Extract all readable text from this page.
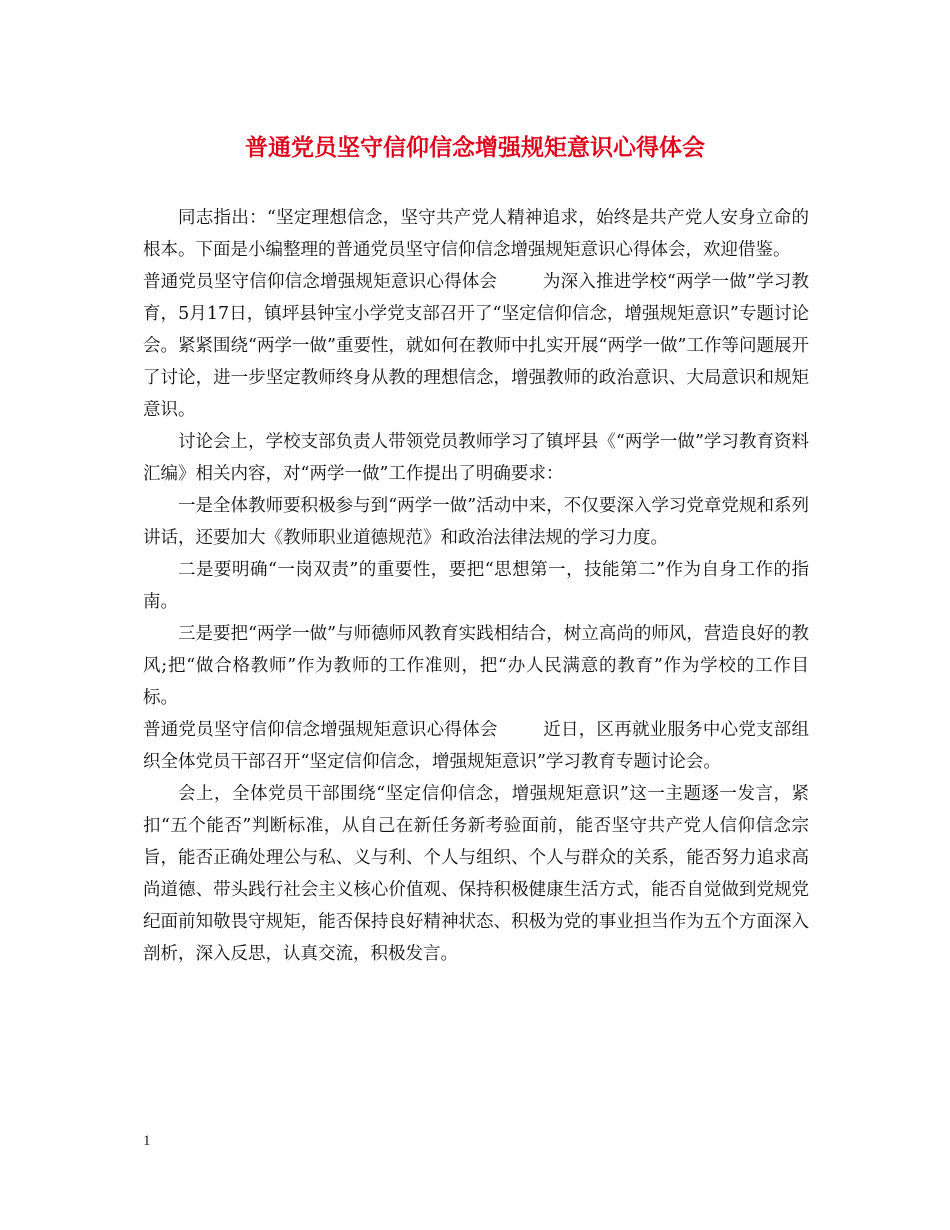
普通党员坚守信仰信念增强规矩意识心得体会

同志指出：“坚定理想信念，坚守共产党人精神追求，始终是共产党人安身立命的根本。下面是小编整理的普通党员坚守信仰信念增强规矩意识心得体会，欢迎借鉴。

普通党员坚守信仰信念增强规矩意识心得体会	为深入推进学校“两学一做”学习教育，5月17日，镇坪县钟宝小学党支部召开了“坚定信仰信念，增强规矩意识”专题讨论会。紧紧围绕“两学一做”重要性，就如何在教师中扎实开展“两学一做”工作等问题展开了讨论，进一步坚定教师终身从教的理想信念，增强教师的政治意识、大局意识和规矩意识。

讨论会上，学校支部负责人带领党员教师学习了镇坪县《“两学一做”学习教育资料汇编》相关内容，对“两学一做”工作提出了明确要求：

一是全体教师要积极参与到“两学一做”活动中来，不仅要深入学习党章党规和系列讲话，还要加大《教师职业道德规范》和政治法律法规的学习力度。

二是要明确“一岗双责”的重要性，要把“思想第一，技能第二”作为自身工作的指南。

三是要把“两学一做”与师德师风教育实践相结合，树立高尚的师风，营造良好的教风;把“做合格教师”作为教师的工作准则，把“办人民满意的教育”作为学校的工作目标。

普通党员坚守信仰信念增强规矩意识心得体会	近日，区再就业服务中心党支部组织全体党员干部召开“坚定信仰信念，增强规矩意识”学习教育专题讨论会。

会上，全体党员干部围绕“坚定信仰信念，增强规矩意识”这一主题逐一发言，紧扣“五个能否”判断标准，从自己在新任务新考验面前，能否坚守共产党人信仰信念宗旨，能否正确处理公与私、义与利、个人与组织、个人与群众的关系，能否努力追求高尚道德、带头践行社会主义核心价值观、保持积极健康生活方式，能否自觉做到党规党纪面前知敬畏守规矩，能否保持良好精神状态、积极为党的事业担当作为五个方面深入剖析，深入反思，认真交流，积极发言。

1
